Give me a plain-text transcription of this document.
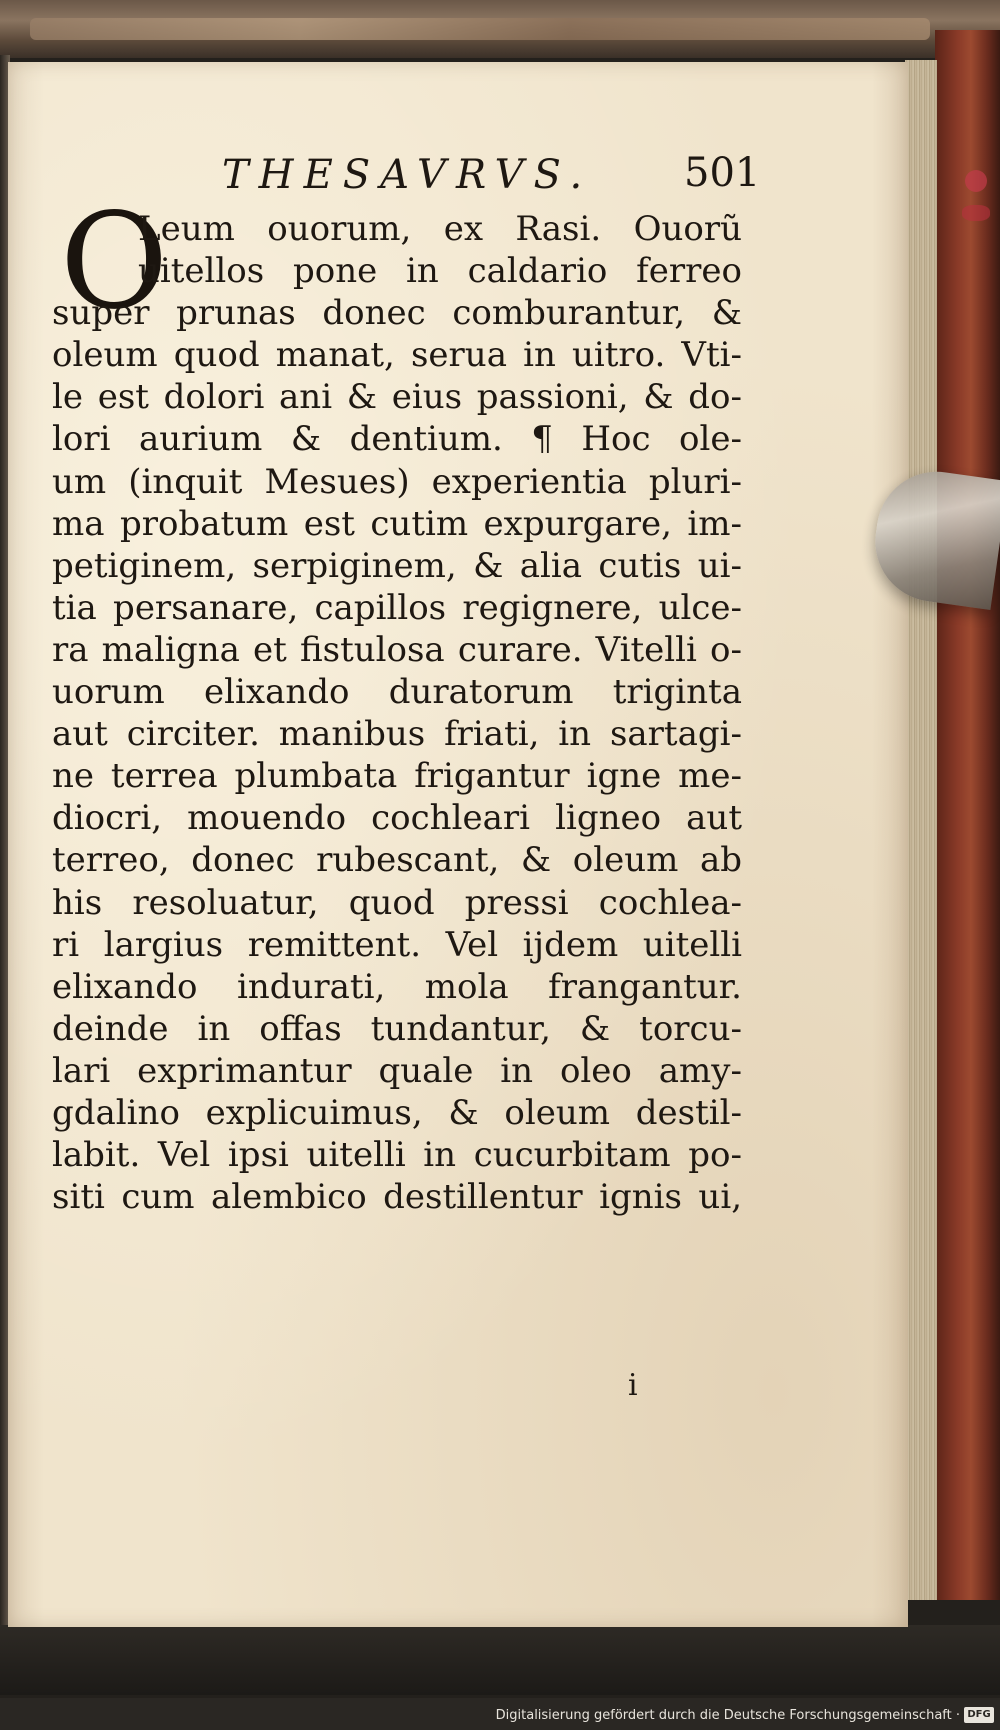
THESAVRVS. 501
O
Leum ouorum, ex Rasi. Ouorũ
uitellos pone in caldario ferreo
super prunas donec comburantur, &
oleum quod manat, serua in uitro. Vti-
le est dolori ani & eius passioni, & do-
lori aurium & dentium. ¶ Hoc ole-
um (inquit Mesues) experientia pluri-
ma probatum est cutim expurgare, im-
petiginem, serpiginem, & alia cutis ui-
tia persanare, capillos regignere, ulce-
ra maligna et fistulosa curare. Vitelli o-
uorum elixando duratorum triginta
aut circiter. manibus friati, in sartagi-
ne terrea plumbata frigantur igne me-
diocri, mouendo cochleari ligneo aut
terreo, donec rubescant, & oleum ab
his resoluatur, quod pressi cochlea-
ri largius remittent. Vel ijdem uitelli
elixando indurati, mola frangantur.
deinde in offas tundantur, & torcu-
lari exprimantur quale in oleo amy-
gdalino explicuimus, & oleum destil-
labit. Vel ipsi uitelli in cucurbitam po-
siti cum alembico destillentur ignis ui,
i
Digitalisierung gefördert durch die Deutsche Forschungsgemeinschaft · DFG
